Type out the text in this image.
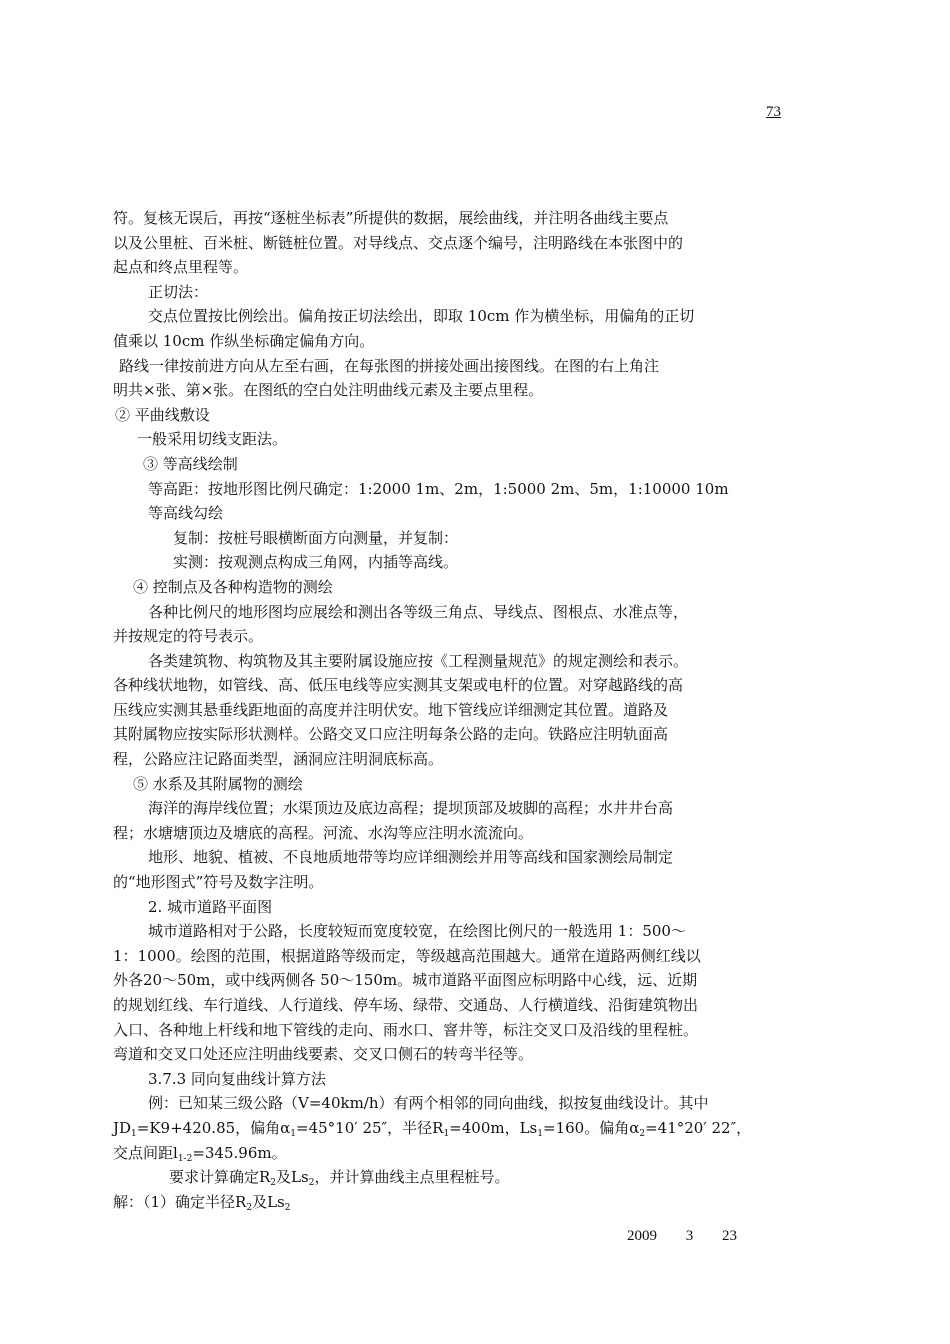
73
符。复核无误后，再按“逐桩坐标表”所提供的数据，展绘曲线，并注明各曲线主要点
以及公里桩、百米桩、断链桩位置。对导线点、交点逐个编号，注明路线在本张图中的
起点和终点里程等。
正切法：
交点位置按比例绘出。偏角按正切法绘出，即取 10cm 作为横坐标，用偏角的正切
值乘以 10cm 作纵坐标确定偏角方向。
路线一律按前进方向从左至右画，在每张图的拼接处画出接图线。在图的右上角注
明共×张、第×张。在图纸的空白处注明曲线元素及主要点里程。
② 平曲线敷设
一般采用切线支距法。
③ 等高线绘制
等高距：按地形图比例尺确定：1:2000 1m、2m，1:5000 2m、5m，1:10000 10m
等高线勾绘
复制：按桩号眼横断面方向测量，并复制：
实测：按观测点构成三角网，内插等高线。
④ 控制点及各种构造物的测绘
各种比例尺的地形图均应展绘和测出各等级三角点、导线点、图根点、水准点等，
并按规定的符号表示。
各类建筑物、构筑物及其主要附属设施应按《工程测量规范》的规定测绘和表示。
各种线状地物，如管线、高、低压电线等应实测其支架或电杆的位置。对穿越路线的高
压线应实测其悬垂线距地面的高度并注明伏安。地下管线应详细测定其位置。道路及
其附属物应按实际形状测样。公路交叉口应注明每条公路的走向。铁路应注明轨面高
程，公路应注记路面类型，涵洞应注明洞底标高。
⑤ 水系及其附属物的测绘
海洋的海岸线位置；水渠顶边及底边高程；提坝顶部及坡脚的高程；水井井台高
程；水塘塘顶边及塘底的高程。河流、水沟等应注明水流流向。
地形、地貌、植被、不良地质地带等均应详细测绘并用等高线和国家测绘局制定
的“地形图式”符号及数字注明。
2. 城市道路平面图
城市道路相对于公路，长度较短而宽度较宽，在绘图比例尺的一般选用 1：500～
1：1000。绘图的范围，根据道路等级而定，等级越高范围越大。通常在道路两侧红线以
外各20～50m，或中线两侧各 50～150m。城市道路平面图应标明路中心线，远、近期
的规划红线、车行道线、人行道线、停车场、绿带、交通岛、人行横道线、沿街建筑物出
入口、各种地上杆线和地下管线的走向、雨水口、窨井等，标注交叉口及沿线的里程桩。
弯道和交叉口处还应注明曲线要素、交叉口侧石的转弯半径等。
3.7.3 同向复曲线计算方法
例：已知某三级公路（V=40km/h）有两个相邻的同向曲线，拟按复曲线设计。其中
$JD_1=K9+420.85$，偏角$\alpha_1=45^\circ 10'$ 25″，半径$R_1=400m$，$Ls_1=160$。偏角$\alpha_2=41^\circ 20'$ 22″，
交点间距$l_{1-2}=345.96m$。
要求计算确定$R_2$及$Ls_2$，并计算曲线主点里程桩号。
解：（1）确定半径$R_2$及$Ls_2$
2009 3 23
